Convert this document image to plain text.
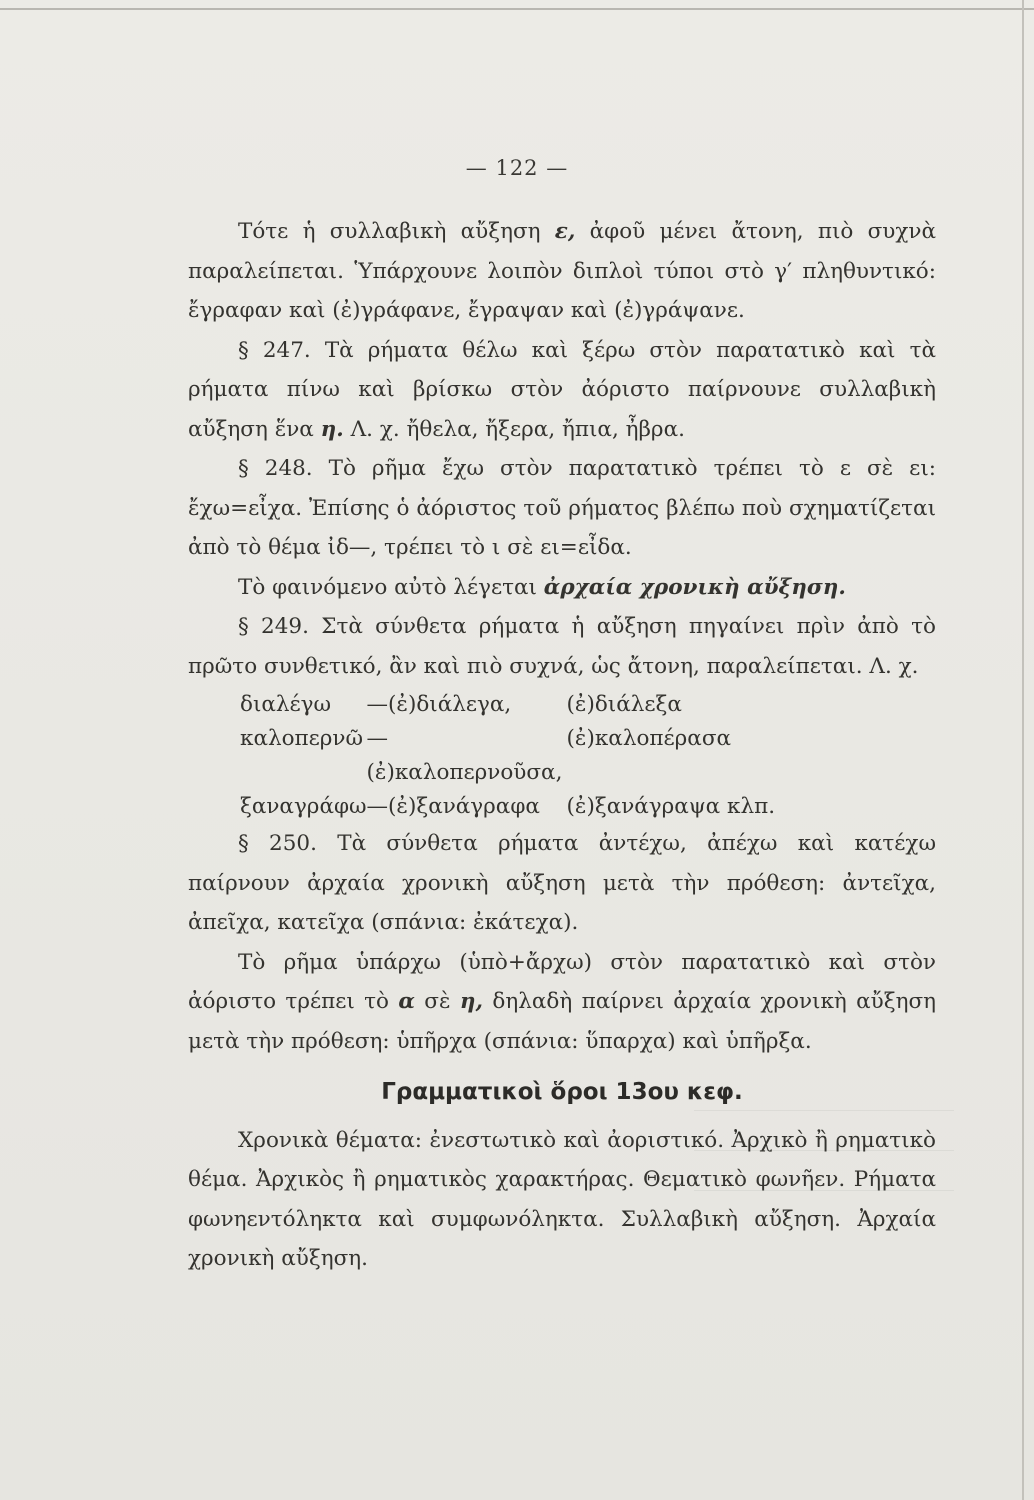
— 122 —

Τότε ἡ συλλαβικὴ αὔξηση ε, ἀφοῦ μένει ἄτονη, πιὸ συχνὰ παραλείπεται. Ὑπάρχουνε λοιπὸν διπλοὶ τύποι στὸ γ′ πληθυντικό: ἔγραφαν καὶ (ἐ)γράφανε, ἔγραψαν καὶ (ἐ)γράψανε.

§ 247. Τὰ ρήματα θέλω καὶ ξέρω στὸν παρατατικὸ καὶ τὰ ρήματα πίνω καὶ βρίσκω στὸν ἀόριστο παίρνουνε συλλαβικὴ αὔξηση ἕνα η. Λ. χ. ἤθελα, ἤξερα, ἤπια, ἦβρα.

§ 248. Τὸ ρῆμα ἔχω στὸν παρατατικὸ τρέπει τὸ ε σὲ ει: ἔχω=εἶχα. Ἐπίσης ὁ ἀόριστος τοῦ ρήματος βλέπω ποὺ σχηματίζεται ἀπὸ τὸ θέμα ἰδ—, τρέπει τὸ ι σὲ ει=εἶδα.

Τὸ φαινόμενο αὐτὸ λέγεται ἀρχαία χρονικὴ αὔξηση.

§ 249. Στὰ σύνθετα ρήματα ἡ αὔξηση πηγαίνει πρὶν ἀπὸ τὸ πρῶτο συνθετικό, ἂν καὶ πιὸ συχνά, ὡς ἄτονη, παραλείπεται. Λ. χ.

διαλέγω	—(ἐ)διάλεγα,	(ἐ)διάλεξα
καλοπερνῶ	—(ἐ)καλοπερνοῦσα,	(ἐ)καλοπέρασα
ξαναγράφω	—(ἐ)ξανάγραφα	(ἐ)ξανάγραψα κλπ.

§ 250. Τὰ σύνθετα ρήματα ἀντέχω, ἀπέχω καὶ κατέχω παίρνουν ἀρχαία χρονικὴ αὔξηση μετὰ τὴν πρόθεση: ἀντεῖχα, ἀπεῖχα, κατεῖχα (σπάνια: ἐκάτεχα).

Τὸ ρῆμα ὑπάρχω (ὑπὸ+ἄρχω) στὸν παρατατικὸ καὶ στὸν ἀόριστο τρέπει τὸ α σὲ η, δηλαδὴ παίρνει ἀρχαία χρονικὴ αὔξηση μετὰ τὴν πρόθεση: ὑπῆρχα (σπάνια: ὕπαρχα) καὶ ὑπῆρξα.

Γραμματικοὶ ὅροι 13ου κεφ.

Χρονικὰ θέματα: ἐνεστωτικὸ καὶ ἀοριστικό. Ἀρχικὸ ἢ ρηματικὸ θέμα. Ἀρχικὸς ἢ ρηματικὸς χαρακτήρας. Θεματικὸ φωνῆεν. Ρήματα φωνηεντόληκτα καὶ συμφωνόληκτα. Συλλαβικὴ αὔξηση. Ἀρχαία χρονικὴ αὔξηση.
